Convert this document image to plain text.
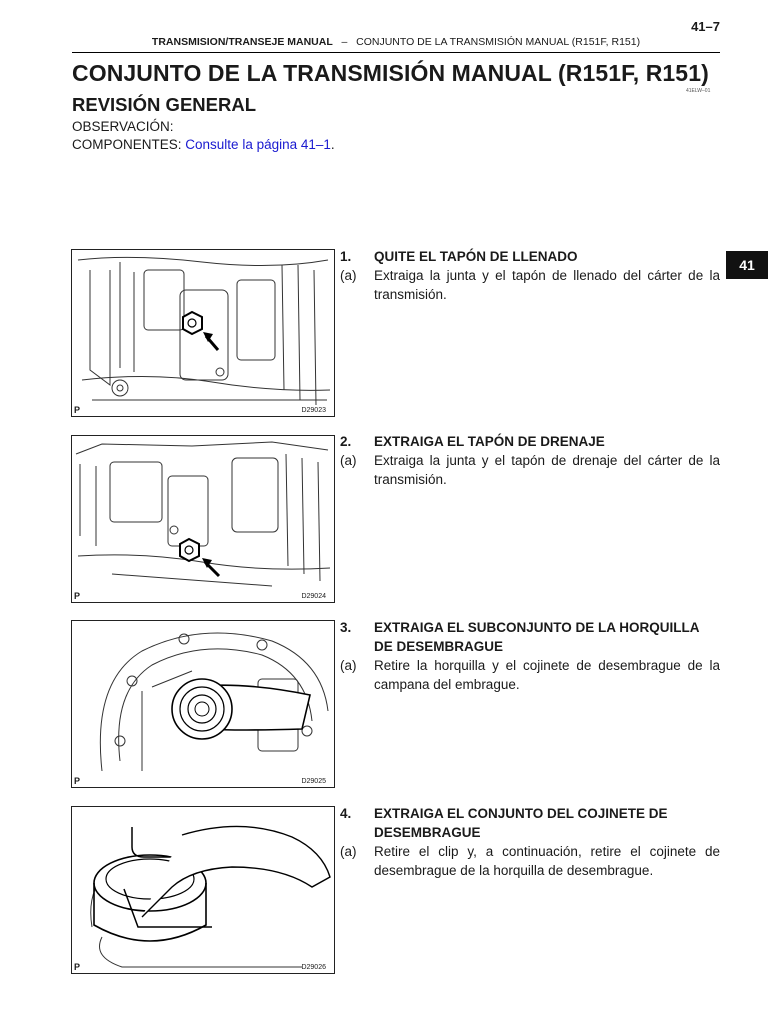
41–7
TRANSMISION/TRANSEJE MANUAL – CONJUNTO DE LA TRANSMISIÓN MANUAL (R151F, R151)
CONJUNTO DE LA TRANSMISIÓN MANUAL (R151F, R151)
41ELW–01
REVISIÓN GENERAL
OBSERVACIÓN:
COMPONENTES: Consulte la página 41–1.
41
P	D29023
1. QUITE EL TAPÓN DE LLENADO
(a) Extraiga la junta y el tapón de llenado del cárter de la transmisión.
P	D29024
2. EXTRAIGA EL TAPÓN DE DRENAJE
(a) Extraiga la junta y el tapón de drenaje del cárter de la transmisión.
P	D29025
3. EXTRAIGA EL SUBCONJUNTO DE LA HORQUILLA DE DESEMBRAGUE
(a) Retire la horquilla y el cojinete de desembrague de la campana del embrague.
P	D29026
4. EXTRAIGA EL CONJUNTO DEL COJINETE DE DESEMBRAGUE
(a) Retire el clip y, a continuación, retire el cojinete de desembrague de la horquilla de desembrague.
